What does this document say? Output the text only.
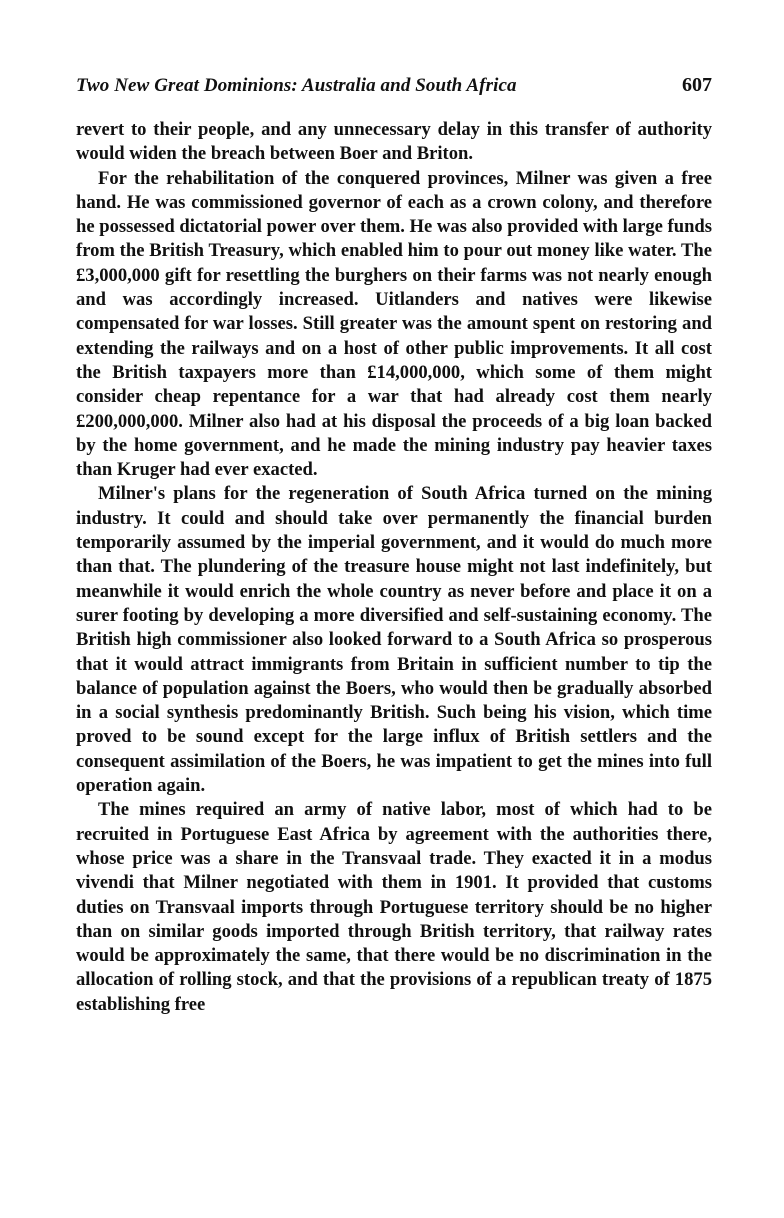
Two New Great Dominions: Australia and South Africa	607

revert to their people, and any unnecessary delay in this transfer of authority would widen the breach between Boer and Briton.

For the rehabilitation of the conquered provinces, Milner was given a free hand. He was commissioned governor of each as a crown colony, and therefore he possessed dictatorial power over them. He was also provided with large funds from the British Treasury, which enabled him to pour out money like water. The £3,000,000 gift for resettling the burghers on their farms was not nearly enough and was accordingly increased. Uitlanders and natives were likewise compensated for war losses. Still greater was the amount spent on restoring and extending the railways and on a host of other public improvements. It all cost the British taxpayers more than £14,000,000, which some of them might consider cheap repentance for a war that had already cost them nearly £200,000,000. Milner also had at his disposal the proceeds of a big loan backed by the home government, and he made the mining industry pay heavier taxes than Kruger had ever exacted.

Milner's plans for the regeneration of South Africa turned on the mining industry. It could and should take over permanently the financial burden temporarily assumed by the imperial government, and it would do much more than that. The plundering of the treasure house might not last indefinitely, but meanwhile it would enrich the whole country as never before and place it on a surer footing by developing a more diversified and self-sustaining economy. The British high commissioner also looked forward to a South Africa so prosperous that it would attract immigrants from Britain in sufficient number to tip the balance of population against the Boers, who would then be gradually absorbed in a social synthesis predominantly British. Such being his vision, which time proved to be sound except for the large influx of British settlers and the consequent assimilation of the Boers, he was impatient to get the mines into full operation again.

The mines required an army of native labor, most of which had to be recruited in Portuguese East Africa by agreement with the authorities there, whose price was a share in the Transvaal trade. They exacted it in a modus vivendi that Milner negotiated with them in 1901. It provided that customs duties on Transvaal imports through Portuguese territory should be no higher than on similar goods imported through British territory, that railway rates would be approximately the same, that there would be no discrimination in the allocation of rolling stock, and that the provisions of a republican treaty of 1875 establishing free
